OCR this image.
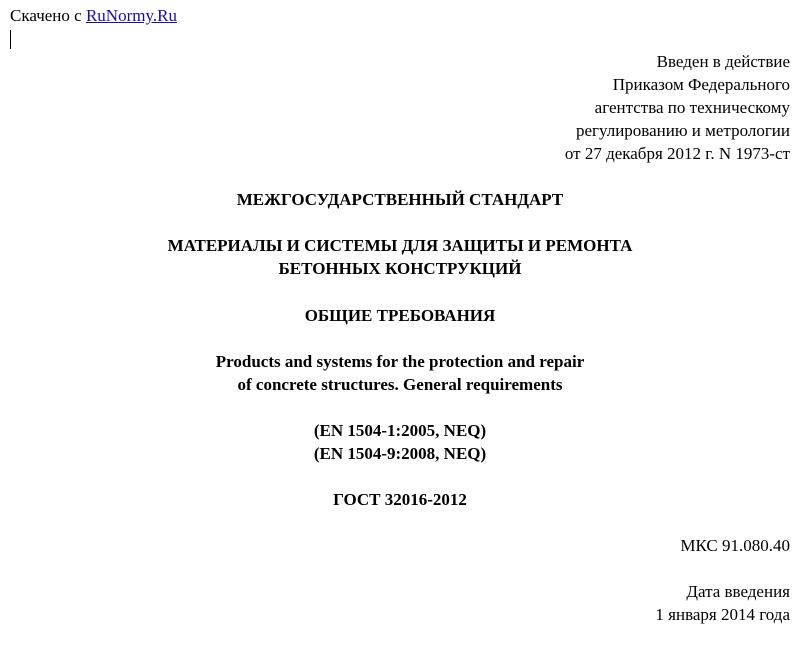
Скачено с RuNormy.Ru
Введен в действие
Приказом Федерального
агентства по техническому
регулированию и метрологии
от 27 декабря 2012 г. N 1973-ст
МЕЖГОСУДАРСТВЕННЫЙ СТАНДАРТ
МАТЕРИАЛЫ И СИСТЕМЫ ДЛЯ ЗАЩИТЫ И РЕМОНТА
БЕТОННЫХ КОНСТРУКЦИЙ
ОБЩИЕ ТРЕБОВАНИЯ
Products and systems for the protection and repair
of concrete structures. General requirements
(EN 1504-1:2005, NEQ)
(EN 1504-9:2008, NEQ)
ГОСТ 32016-2012
МКС 91.080.40
Дата введения
1 января 2014 года
